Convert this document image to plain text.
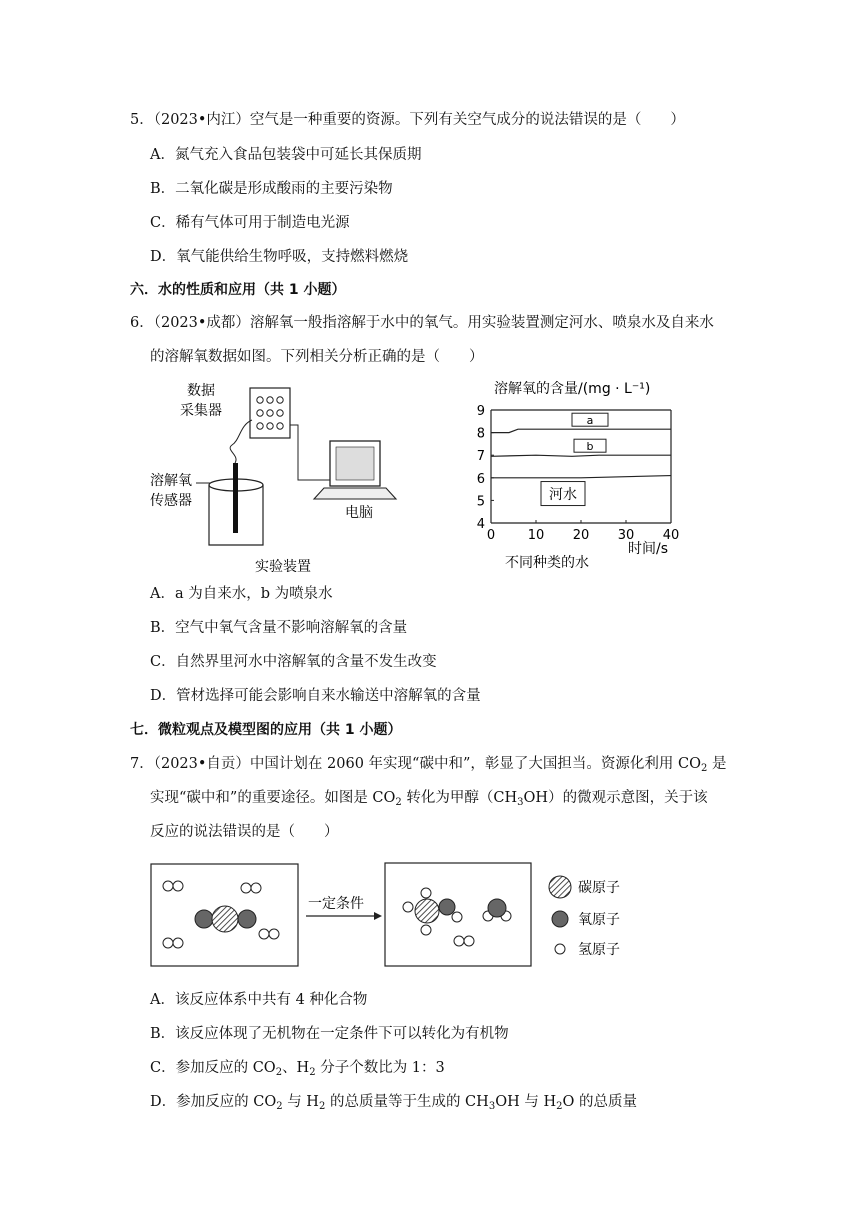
5．（2023•内江）空气是一种重要的资源。下列有关空气成分的说法错误的是（　　）
A．氮气充入食品包装袋中可延长其保质期
B．二氧化碳是形成酸雨的主要污染物
C．稀有气体可用于制造电光源
D．氧气能供给生物呼吸，支持燃料燃烧
六．水的性质和应用（共 1 小题）
6．（2023•成都）溶解氧一般指溶解于水中的氧气。用实验装置测定河水、喷泉水及自来水
的溶解氧数据如图。下列相关分析正确的是（　　）
数据
采集器
溶解氧
传感器
电脑
实验装置
溶解氧的含量/(mg · L⁻¹)
0	10 20 30 40
4
5
6
7
8
9
a
b
河水
时间/s
不同种类的水
A．a 为自来水，b 为喷泉水
B．空气中氧气含量不影响溶解氧的含量
C．自然界里河水中溶解氧的含量不发生改变
D．管材选择可能会影响自来水输送中溶解氧的含量
七．微粒观点及模型图的应用（共 1 小题）
7．（2023•自贡）中国计划在 2060 年实现“碳中和”，彰显了大国担当。资源化利用 $CO_2$ 是
实现“碳中和”的重要途径。如图是 $CO_2$ 转化为甲醇$(CH_3OH)$的微观示意图，关于该
反应的说法错误的是（　　）
一定条件
碳原子
氧原子
氢原子
A．该反应体系中共有 4 种化合物
B．该反应体现了无机物在一定条件下可以转化为有机物
C．参加反应的 $CO_2$、$H_2$ 分子个数比为 1：3
D．参加反应的 $CO_2$ 与 $H_2$ 的总质量等于生成的 $CH_3OH$ 与 $H_2O$ 的总质量
